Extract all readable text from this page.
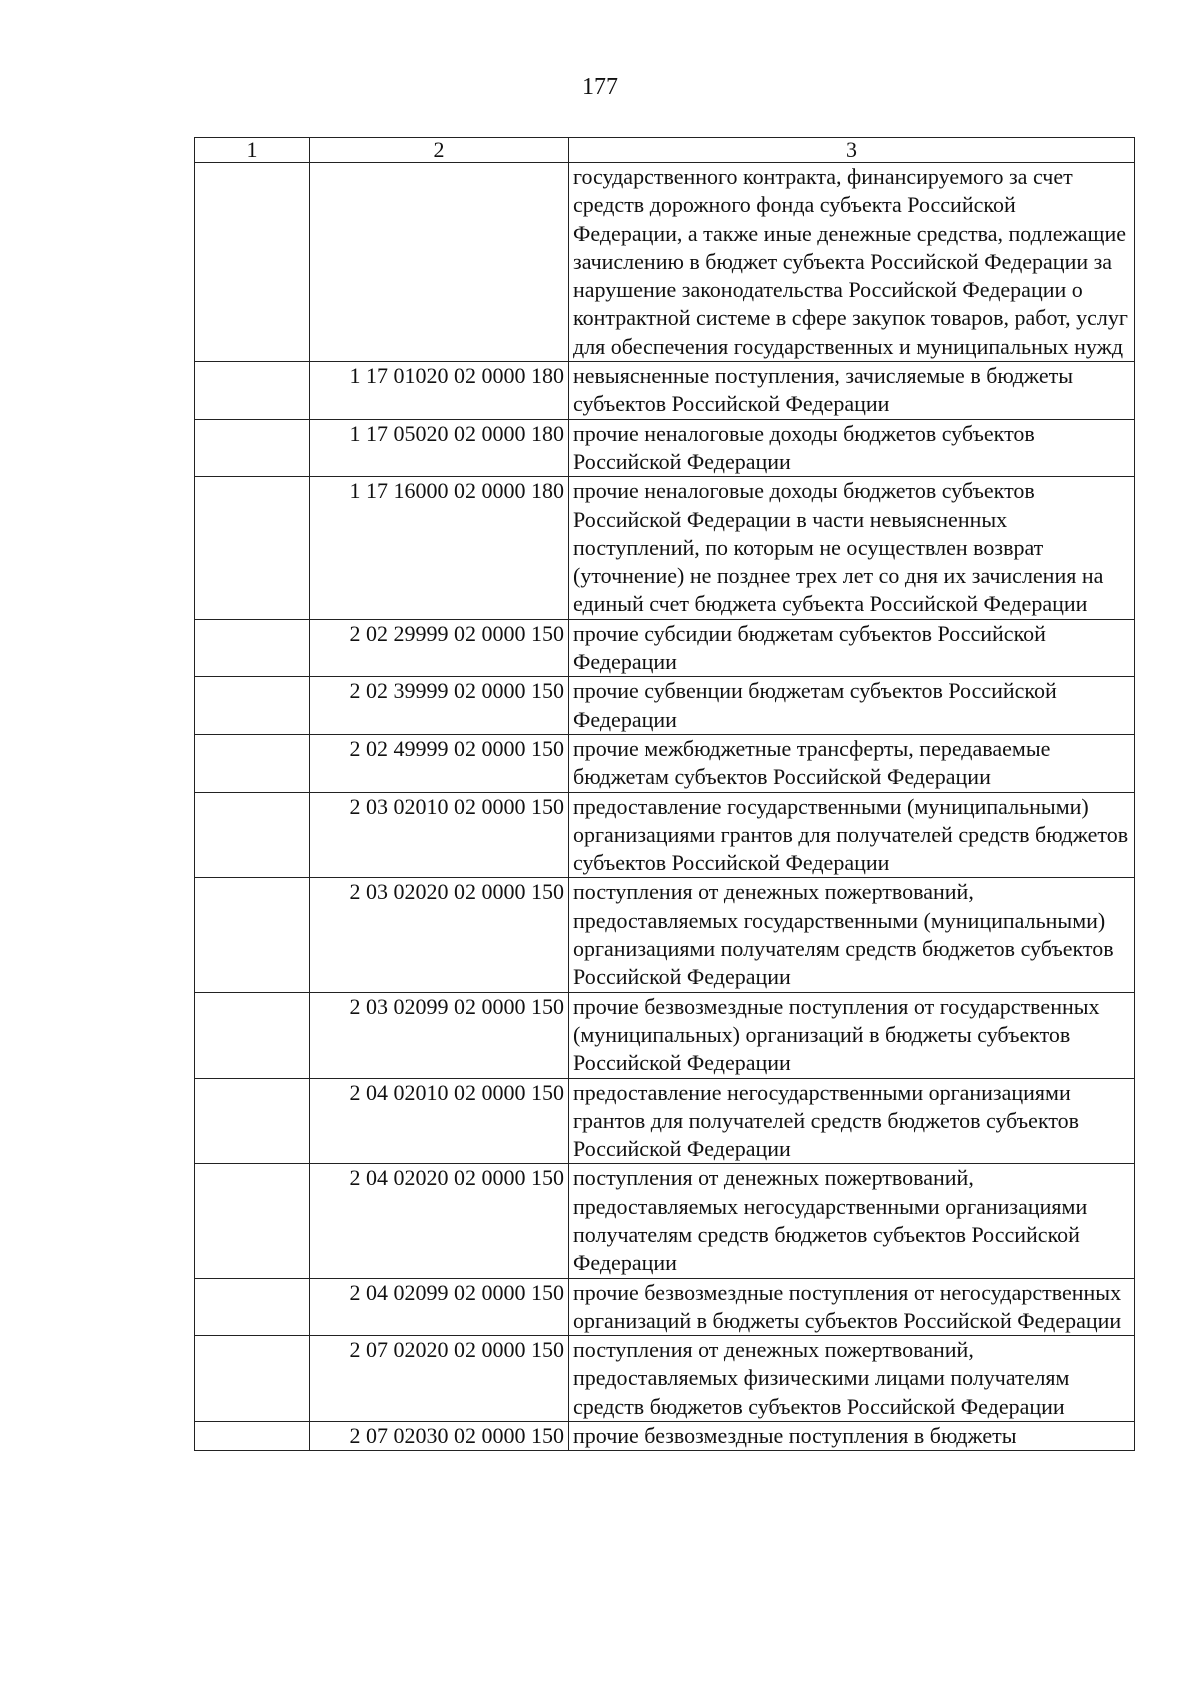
177
1	2	3
		государственного контракта, финансируемого за счет средств дорожного фонда субъекта Российской Федерации, а также иные денежные средства, подлежащие зачислению в бюджет субъекта Российской Федерации за нарушение законодательства Российской Федерации о контрактной системе в сфере закупок товаров, работ, услуг для обеспечения государственных и муниципальных нужд
	1 17 01020 02 0000 180	невыясненные поступления, зачисляемые в бюджеты субъектов Российской Федерации
	1 17 05020 02 0000 180	прочие неналоговые доходы бюджетов субъектов Российской Федерации
	1 17 16000 02 0000 180	прочие неналоговые доходы бюджетов субъектов Российской Федерации в части невыясненных поступлений, по которым не осуществлен возврат (уточнение) не позднее трех лет со дня их зачисления на единый счет бюджета субъекта Российской Федерации
	2 02 29999 02 0000 150	прочие субсидии бюджетам субъектов Российской Федерации
	2 02 39999 02 0000 150	прочие субвенции бюджетам субъектов Российской Федерации
	2 02 49999 02 0000 150	прочие межбюджетные трансферты, передаваемые бюджетам субъектов Российской Федерации
	2 03 02010 02 0000 150	предоставление государственными (муниципальными) организациями грантов для получателей средств бюджетов субъектов Российской Федерации
	2 03 02020 02 0000 150	поступления от денежных пожертвований, предоставляемых государственными (муниципальными) организациями получателям средств бюджетов субъектов Российской Федерации
	2 03 02099 02 0000 150	прочие безвозмездные поступления от государственных (муниципальных) организаций в бюджеты субъектов Российской Федерации
	2 04 02010 02 0000 150	предоставление негосударственными организациями грантов для получателей средств бюджетов субъектов Российской Федерации
	2 04 02020 02 0000 150	поступления от денежных пожертвований, предоставляемых негосударственными организациями получателям средств бюджетов субъектов Российской Федерации
	2 04 02099 02 0000 150	прочие безвозмездные поступления от негосударственных организаций в бюджеты субъектов Российской Федерации
	2 07 02020 02 0000 150	поступления от денежных пожертвований, предоставляемых физическими лицами получателям средств бюджетов субъектов Российской Федерации
	2 07 02030 02 0000 150	прочие безвозмездные поступления в бюджеты
